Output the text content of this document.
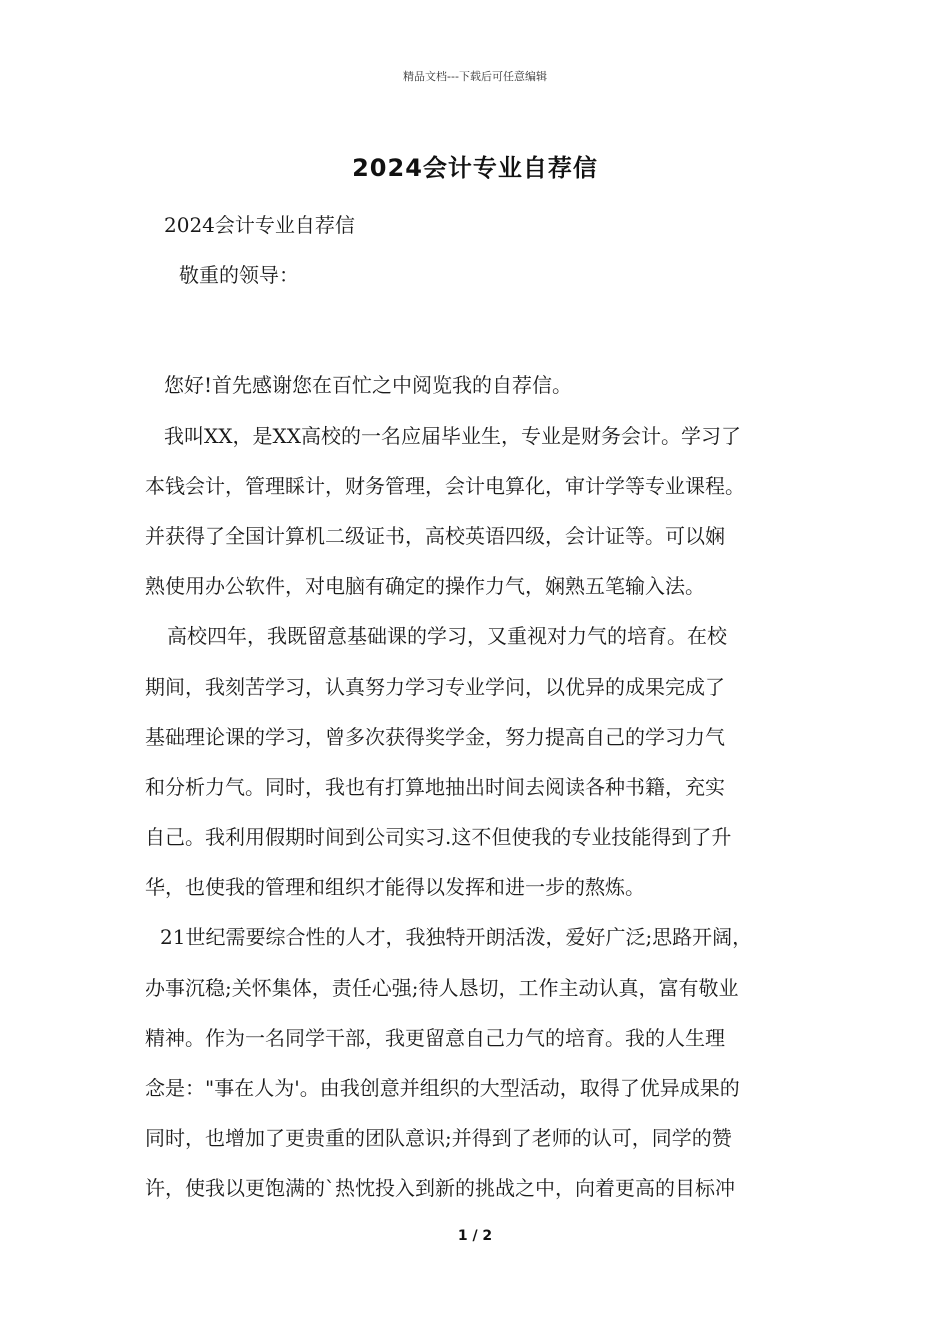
精品文档---下载后可任意编辑
2024会计专业自荐信
2024会计专业自荐信
敬重的领导：
您好!首先感谢您在百忙之中阅览我的自荐信。
我叫XX，是XX高校的一名应届毕业生，专业是财务会计。学习了
本钱会计，管理睬计，财务管理，会计电算化，审计学等专业课程。
并获得了全国计算机二级证书，高校英语四级，会计证等。可以娴
熟使用办公软件，对电脑有确定的操作力气，娴熟五笔输入法。
高校四年，我既留意基础课的学习，又重视对力气的培育。在校
期间，我刻苦学习，认真努力学习专业学问，以优异的成果完成了
基础理论课的学习，曾多次获得奖学金，努力提高自己的学习力气
和分析力气。同时，我也有打算地抽出时间去阅读各种书籍，充实
自己。我利用假期时间到公司实习.这不但使我的专业技能得到了升
华，也使我的管理和组织才能得以发挥和进一步的熬炼。
21世纪需要综合性的人才，我独特开朗活泼，爱好广泛;思路开阔，
办事沉稳;关怀集体，责任心强;待人恳切，工作主动认真，富有敬业
精神。作为一名同学干部，我更留意自己力气的培育。我的人生理
念是："事在人为'。由我创意并组织的大型活动，取得了优异成果的
同时，也增加了更贵重的团队意识;并得到了老师的认可，同学的赞
许，使我以更饱满的`热忱投入到新的挑战之中，向着更高的目标冲
1 / 2
